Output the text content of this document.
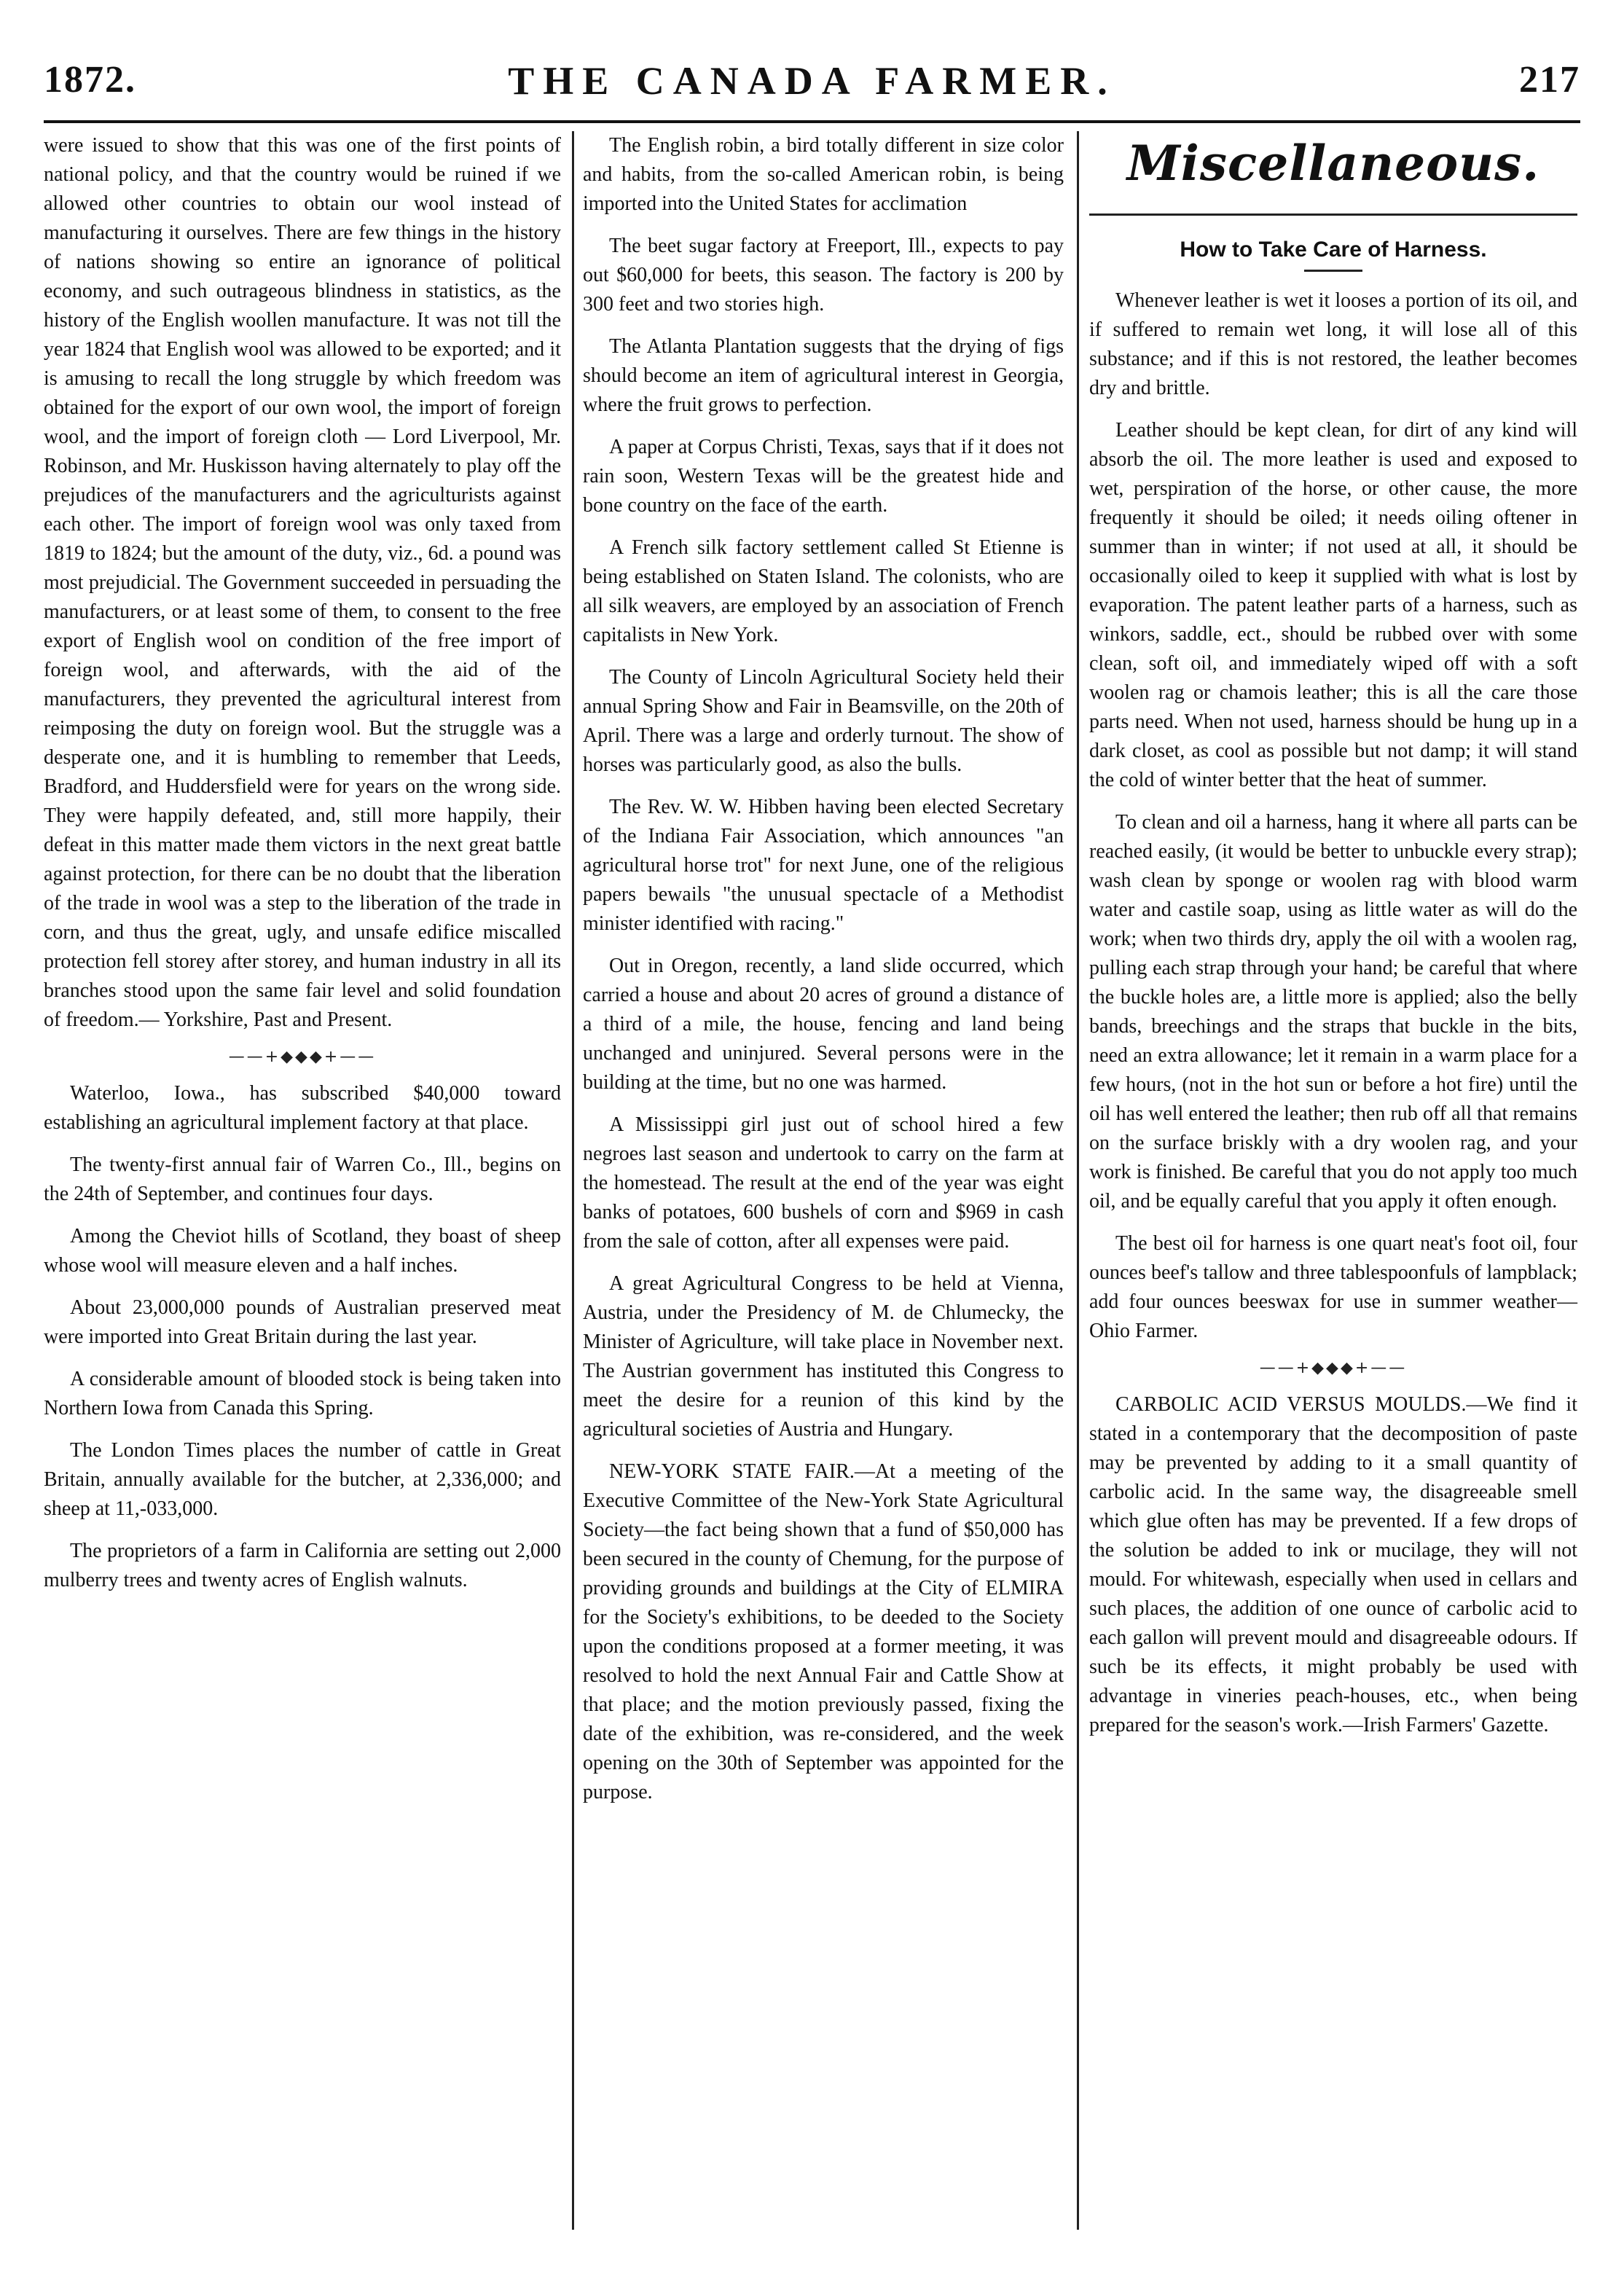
THE CANADA FARMER.
1872.	217

were issued to show that this was one of the first points of national policy, and that the country would be ruined if we allowed other countries to obtain our wool instead of manufacturing it ourselves. There are few things in the history of nations showing so entire an ignorance of political economy, and such outrageous blindness in statistics, as the history of the English woollen manufacture. It was not till the year 1824 that English wool was allowed to be exported; and it is amusing to recall the long struggle by which freedom was obtained for the export of our own wool, the import of foreign wool, and the import of foreign cloth — Lord Liverpool, Mr. Robinson, and Mr. Huskisson having alternately to play off the prejudices of the manufacturers and the agriculturists against each other. The import of foreign wool was only taxed from 1819 to 1824; but the amount of the duty, viz., 6d. a pound was most prejudicial. The Government succeeded in persuading the manufacturers, or at least some of them, to consent to the free export of English wool on condition of the free import of foreign wool, and afterwards, with the aid of the manufacturers, they prevented the agricultural interest from reimposing the duty on foreign wool. But the struggle was a desperate one, and it is humbling to remember that Leeds, Bradford, and Huddersfield were for years on the wrong side. They were happily defeated, and, still more happily, their defeat in this matter made them victors in the next great battle against protection, for there can be no doubt that the liberation of the trade in wool was a step to the liberation of the trade in corn, and thus the great, ugly, and unsafe edifice miscalled protection fell storey after storey, and human industry in all its branches stood upon the same fair level and solid foundation of freedom.— Yorkshire, Past and Present.

——+◆◆◆+——

Waterloo, Iowa., has subscribed $40,000 toward establishing an agricultural implement factory at that place.

The twenty-first annual fair of Warren Co., Ill., begins on the 24th of September, and continues four days.

Among the Cheviot hills of Scotland, they boast of sheep whose wool will measure eleven and a half inches.

About 23,000,000 pounds of Australian preserved meat were imported into Great Britain during the last year.

A considerable amount of blooded stock is being taken into Northern Iowa from Canada this Spring.

The London Times places the number of cattle in Great Britain, annually available for the butcher, at 2,336,000; and sheep at 11,-033,000.

The proprietors of a farm in California are setting out 2,000 mulberry trees and twenty acres of English walnuts.

The English robin, a bird totally different in size color and habits, from the so-called American robin, is being imported into the United States for acclimation

The beet sugar factory at Freeport, Ill., expects to pay out $60,000 for beets, this season. The factory is 200 by 300 feet and two stories high.

The Atlanta Plantation suggests that the drying of figs should become an item of agricultural interest in Georgia, where the fruit grows to perfection.

A paper at Corpus Christi, Texas, says that if it does not rain soon, Western Texas will be the greatest hide and bone country on the face of the earth.

A French silk factory settlement called St Etienne is being established on Staten Island. The colonists, who are all silk weavers, are employed by an association of French capitalists in New York.

The County of Lincoln Agricultural Society held their annual Spring Show and Fair in Beamsville, on the 20th of April. There was a large and orderly turnout. The show of horses was particularly good, as also the bulls.

The Rev. W. W. Hibben having been elected Secretary of the Indiana Fair Association, which announces "an agricultural horse trot" for next June, one of the religious papers bewails "the unusual spectacle of a Methodist minister identified with racing."

Out in Oregon, recently, a land slide occurred, which carried a house and about 20 acres of ground a distance of a third of a mile, the house, fencing and land being unchanged and uninjured. Several persons were in the building at the time, but no one was harmed.

A Mississippi girl just out of school hired a few negroes last season and undertook to carry on the farm at the homestead. The result at the end of the year was eight banks of potatoes, 600 bushels of corn and $969 in cash from the sale of cotton, after all expenses were paid.

A great Agricultural Congress to be held at Vienna, Austria, under the Presidency of M. de Chlumecky, the Minister of Agriculture, will take place in November next. The Austrian government has instituted this Congress to meet the desire for a reunion of this kind by the agricultural societies of Austria and Hungary.

NEW-YORK STATE FAIR.—At a meeting of the Executive Committee of the New-York State Agricultural Society—the fact being shown that a fund of $50,000 has been secured in the county of Chemung, for the purpose of providing grounds and buildings at the City of ELMIRA for the Society's exhibitions, to be deeded to the Society upon the conditions proposed at a former meeting, it was resolved to hold the next Annual Fair and Cattle Show at that place; and the motion previously passed, fixing the date of the exhibition, was re-considered, and the week opening on the 30th of September was appointed for the purpose.

Miscellaneous.
How to Take Care of Harness.

Whenever leather is wet it looses a portion of its oil, and if suffered to remain wet long, it will lose all of this substance; and if this is not restored, the leather becomes dry and brittle.

Leather should be kept clean, for dirt of any kind will absorb the oil. The more leather is used and exposed to wet, perspiration of the horse, or other cause, the more frequently it should be oiled; it needs oiling oftener in summer than in winter; if not used at all, it should be occasionally oiled to keep it supplied with what is lost by evaporation. The patent leather parts of a harness, such as winkors, saddle, ect., should be rubbed over with some clean, soft oil, and immediately wiped off with a soft woolen rag or chamois leather; this is all the care those parts need. When not used, harness should be hung up in a dark closet, as cool as possible but not damp; it will stand the cold of winter better that the heat of summer.

To clean and oil a harness, hang it where all parts can be reached easily, (it would be better to unbuckle every strap); wash clean by sponge or woolen rag with blood warm water and castile soap, using as little water as will do the work; when two thirds dry, apply the oil with a woolen rag, pulling each strap through your hand; be careful that where the buckle holes are, a little more is applied; also the belly bands, breechings and the straps that buckle in the bits, need an extra allowance; let it remain in a warm place for a few hours, (not in the hot sun or before a hot fire) until the oil has well entered the leather; then rub off all that remains on the surface briskly with a dry woolen rag, and your work is finished. Be careful that you do not apply too much oil, and be equally careful that you apply it often enough.

The best oil for harness is one quart neat's foot oil, four ounces beef's tallow and three tablespoonfuls of lampblack; add four ounces beeswax for use in summer weather—Ohio Farmer.

——+◆◆◆+——

CARBOLIC ACID VERSUS MOULDS.—We find it stated in a contemporary that the decomposition of paste may be prevented by adding to it a small quantity of carbolic acid. In the same way, the disagreeable smell which glue often has may be prevented. If a few drops of the solution be added to ink or mucilage, they will not mould. For whitewash, especially when used in cellars and such places, the addition of one ounce of carbolic acid to each gallon will prevent mould and disagreeable odours. If such be its effects, it might probably be used with advantage in vineries peach-houses, etc., when being prepared for the season's work.—Irish Farmers' Gazette.
